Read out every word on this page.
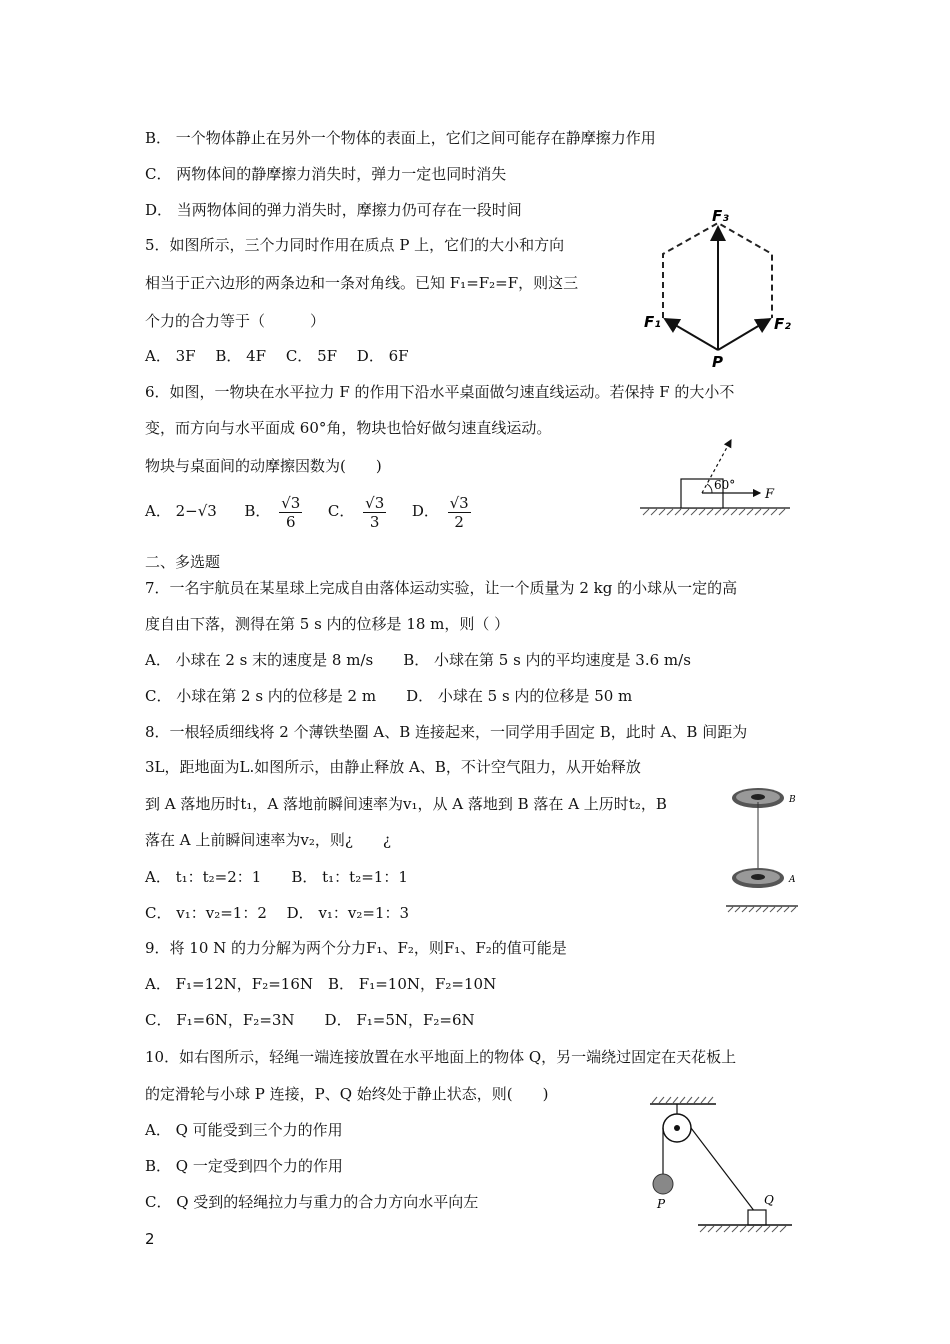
B． 一个物体静止在另外一个物体的表面上，它们之间可能存在静摩擦力作用
C． 两物体间的静摩擦力消失时，弹力一定也同时消失
D． 当两物体间的弹力消失时，摩擦力仍可存在一段时间
5．如图所示，三个力同时作用在质点 P 上，它们的大小和方向
相当于正六边形的两条边和一条对角线。已知 F₁=F₂=F，则这三
个力的合力等于（　　　）
A． 3F　 B． 4F　 C． 5F　 D． 6F
F₃
F₁	F₂
P
6．如图，一物块在水平拉力 F 的作用下沿水平桌面做匀速直线运动。若保持 F 的大小不
变，而方向与水平面成 60°角，物块也恰好做匀速直线运动。
物块与桌面间的动摩擦因数为(　　)
A． 2−√3 B． $\frac{√3}{6}$ C． $\frac{√3}{3}$ D． $\frac{√3}{2}$
60°
F
二、多选题
7．一名宇航员在某星球上完成自由落体运动实验，让一个质量为 2 kg 的小球从一定的高
度自由下落，测得在第 5 s 内的位移是 18 m，则（ ）
A． 小球在 2 s 末的速度是 8 m/s　　B． 小球在第 5 s 内的平均速度是 3.6 m/s
C． 小球在第 2 s 内的位移是 2 m　　D． 小球在 5 s 内的位移是 50 m
8．一根轻质细线将 2 个薄铁垫圈 A、B 连接起来，一同学用手固定 B，此时 A、B 间距为
3L，距地面为L.如图所示，由静止释放 A、B，不计空气阻力，从开始释放
到 A 落地历时t₁，A 落地前瞬间速率为v₁，从 A 落地到 B 落在 A 上历时t₂，B
落在 A 上前瞬间速率为v₂，则¿　　¿
A． t₁：t₂=2：1　　B． t₁：t₂=1：1
C． v₁：v₂=1：2　 D． v₁：v₂=1：3
B
A
9．将 10 N 的力分解为两个分力F₁、F₂，则F₁、F₂的值可能是
A． F₁=12N，F₂=16N　B． F₁=10N，F₂=10N
C． F₁=6N，F₂=3N　　D． F₁=5N，F₂=6N
10．如右图所示，轻绳一端连接放置在水平地面上的物体 Q，另一端绕过固定在天花板上
的定滑轮与小球 P 连接，P、Q 始终处于静止状态，则(　　)
A． Q 可能受到三个力的作用
B． Q 一定受到四个力的作用
C． Q 受到的轻绳拉力与重力的合力方向水平向左	P	Q
2
